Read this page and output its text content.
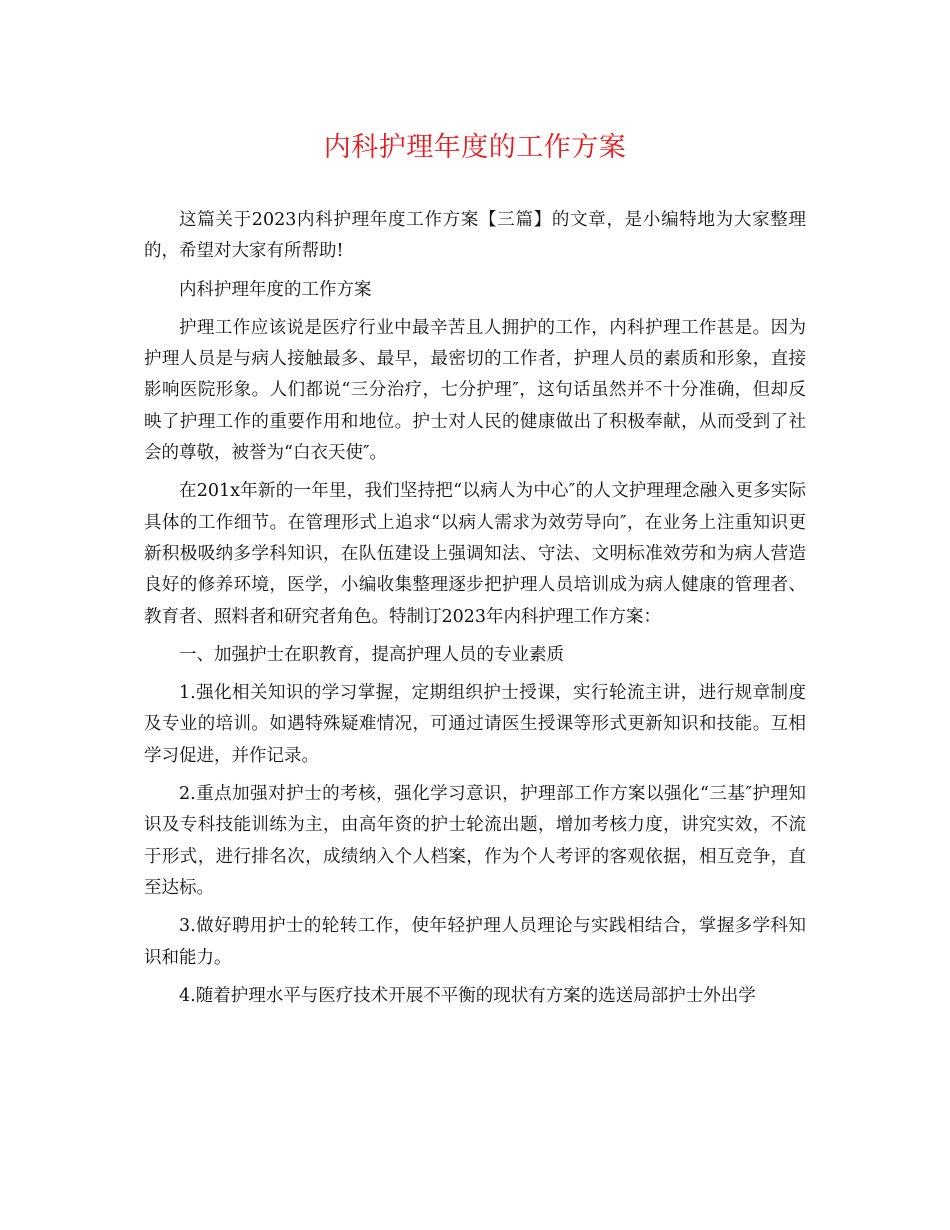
内科护理年度的工作方案

这篇关于2023内科护理年度工作方案【三篇】的文章，是小编特地为大家整理的，希望对大家有所帮助!

内科护理年度的工作方案

护理工作应该说是医疗行业中最辛苦且人拥护的工作，内科护理工作甚是。因为护理人员是与病人接触最多、最早，最密切的工作者，护理人员的素质和形象，直接影响医院形象。人们都说“三分治疗，七分护理″，这句话虽然并不十分准确，但却反映了护理工作的重要作用和地位。护士对人民的健康做出了积极奉献，从而受到了社会的尊敬，被誉为“白衣天使″。

在201x年新的一年里，我们坚持把“以病人为中心″的人文护理理念融入更多实际具体的工作细节。在管理形式上追求“以病人需求为效劳导向″，在业务上注重知识更新积极吸纳多学科知识，在队伍建设上强调知法、守法、文明标准效劳和为病人营造良好的修养环境，医学，小编收集整理逐步把护理人员培训成为病人健康的管理者、教育者、照料者和研究者角色。特制订2023年内科护理工作方案：

一、加强护士在职教育，提高护理人员的专业素质

1.强化相关知识的学习掌握，定期组织护士授课，实行轮流主讲，进行规章制度及专业的培训。如遇特殊疑难情况，可通过请医生授课等形式更新知识和技能。互相学习促进，并作记录。

2.重点加强对护士的考核，强化学习意识，护理部工作方案以强化“三基″护理知识及专科技能训练为主，由高年资的护士轮流出题，增加考核力度，讲究实效，不流于形式，进行排名次，成绩纳入个人档案，作为个人考评的客观依据，相互竞争，直至达标。

3.做好聘用护士的轮转工作，使年轻护理人员理论与实践相结合，掌握多学科知识和能力。

4.随着护理水平与医疗技术开展不平衡的现状有方案的选送局部护士外出学
